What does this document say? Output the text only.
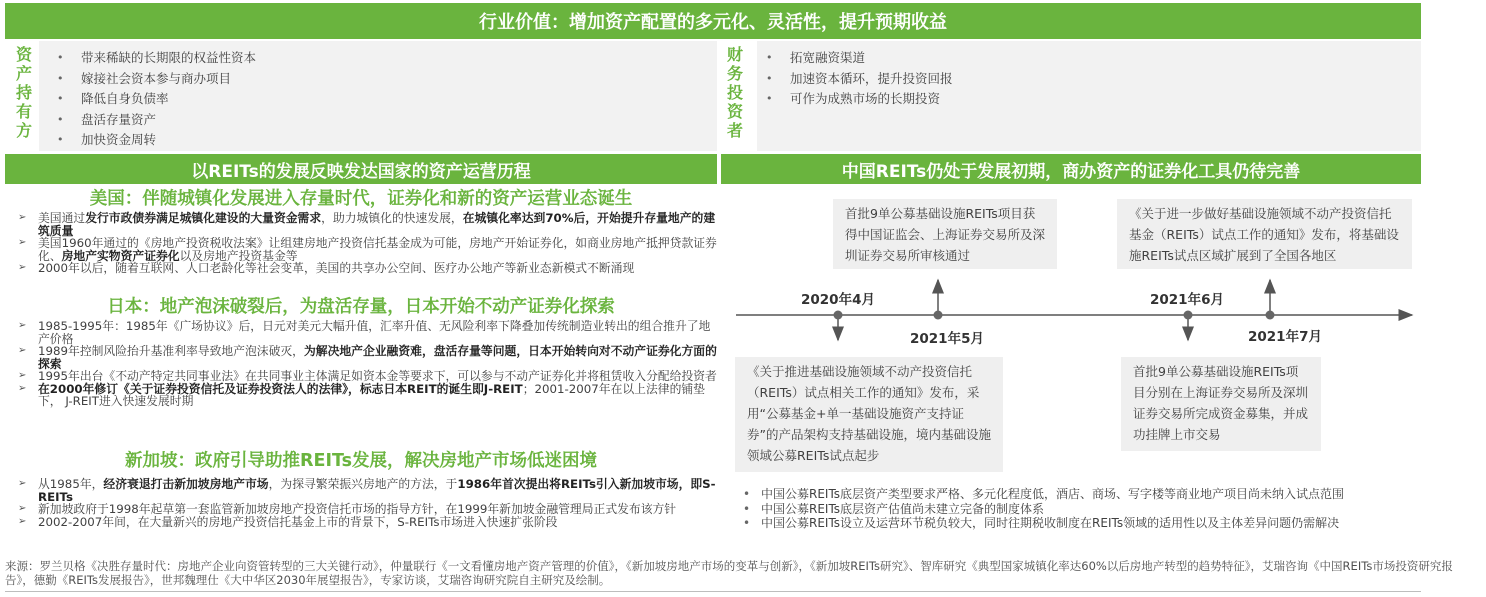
行业价值：增加资产配置的多元化、灵活性，提升预期收益
资
产
持
有
方
• 带来稀缺的长期限的权益性资本
• 嫁接社会资本参与商办项目
• 降低自身负债率
• 盘活存量资产
• 加快资金周转
财
务
投
资
者
• 拓宽融资渠道
• 加速资本循环，提升投资回报
• 可作为成熟市场的长期投资
以REITs的发展反映发达国家的资产运营历程	中国REITs仍处于发展初期，商办资产的证券化工具仍待完善
美国：伴随城镇化发展进入存量时代，证券化和新的资产运营业态诞生
➢ 美国通过发行市政债券满足城镇化建设的大量资金需求，助力城镇化的快速发展，在城镇化率达到70%后，开始提升存量地产的建筑质量
➢ 美国1960年通过的《房地产投资税收法案》让组建房地产投资信托基金成为可能，房地产开始证券化，如商业房地产抵押贷款证券化、房地产实物资产证券化以及房地产投资基金等
➢ 2000年以后，随着互联网、人口老龄化等社会变革，美国的共享办公空间、医疗办公地产等新业态新模式不断涌现
日本：地产泡沫破裂后，为盘活存量，日本开始不动产证券化探索
➢ 1985-1995年：1985年《广场协议》后，日元对美元大幅升值，汇率升值、无风险利率下降叠加传统制造业转出的组合推升了地产价格
➢ 1989年控制风险抬升基准利率导致地产泡沫破灭，为解决地产企业融资难，盘活存量等问题，日本开始转向对不动产证券化方面的探索
➢ 1995年出台《不动产特定共同事业法》在共同事业主体满足如资本金等要求下，可以参与不动产证券化并将租赁收入分配给投资者
➢ 在2000年修订《关于证券投资信托及证券投资法人的法律》，标志日本REIT的诞生即J-REIT；2001-2007年在以上法律的铺垫下， J-REIT进入快速发展时期
新加坡：政府引导助推REITs发展，解决房地产市场低迷困境
➢ 从1985年，经济衰退打击新加坡房地产市场，为探寻繁荣振兴房地产的方法，于1986年首次提出将REITs引入新加坡市场，即S-REITs
➢ 新加坡政府于1998年起草第一套监管新加坡房地产投资信托市场的指导方针，在1999年新加坡金融管理局正式发布该方针
➢ 2002-2007年间，在大量新兴的房地产投资信托基金上市的背景下，S-REITs市场进入快速扩张阶段
首批9单公募基础设施REITs项目获得中国证监会、上海证券交易所及深圳证券交易所审核通过
《关于进一步做好基础设施领域不动产投资信托基金（REITs）试点工作的通知》发布，将基础设施REITs试点区域扩展到了全国各地区
《关于推进基础设施领域不动产投资信托（REITs）试点相关工作的通知》发布，采用“公募基金+单一基础设施资产支持证券”的产品架构支持基础设施，境内基础设施领域公募REITs试点起步
首批9单公募基础设施REITs项目分别在上海证券交易所及深圳证券交易所完成资金募集，并成功挂牌上市交易
2020年4月
2021年5月
2021年6月
2021年7月
• 中国公募REITs底层资产类型要求严格、多元化程度低，酒店、商场、写字楼等商业地产项目尚未纳入试点范围
• 中国公募REITs底层资产估值尚未建立完备的制度体系
• 中国公募REITs设立及运营环节税负较大，同时往期税收制度在REITs领域的适用性以及主体差异问题仍需解决
来源：罗兰贝格《决胜存量时代：房地产企业向资管转型的三大关键行动》，仲量联行《一文看懂房地产资产管理的价值》，《新加坡房地产市场的变革与创新》，《新加坡REITs研究》、智库研究《典型国家城镇化率达60%以后房地产转型的趋势特征》，艾瑞咨询《中国REITs市场投资研究报告》，德勤《REITs发展报告》，世邦魏理仕《大中华区2030年展望报告》，专家访谈，艾瑞咨询研究院自主研究及绘制。
